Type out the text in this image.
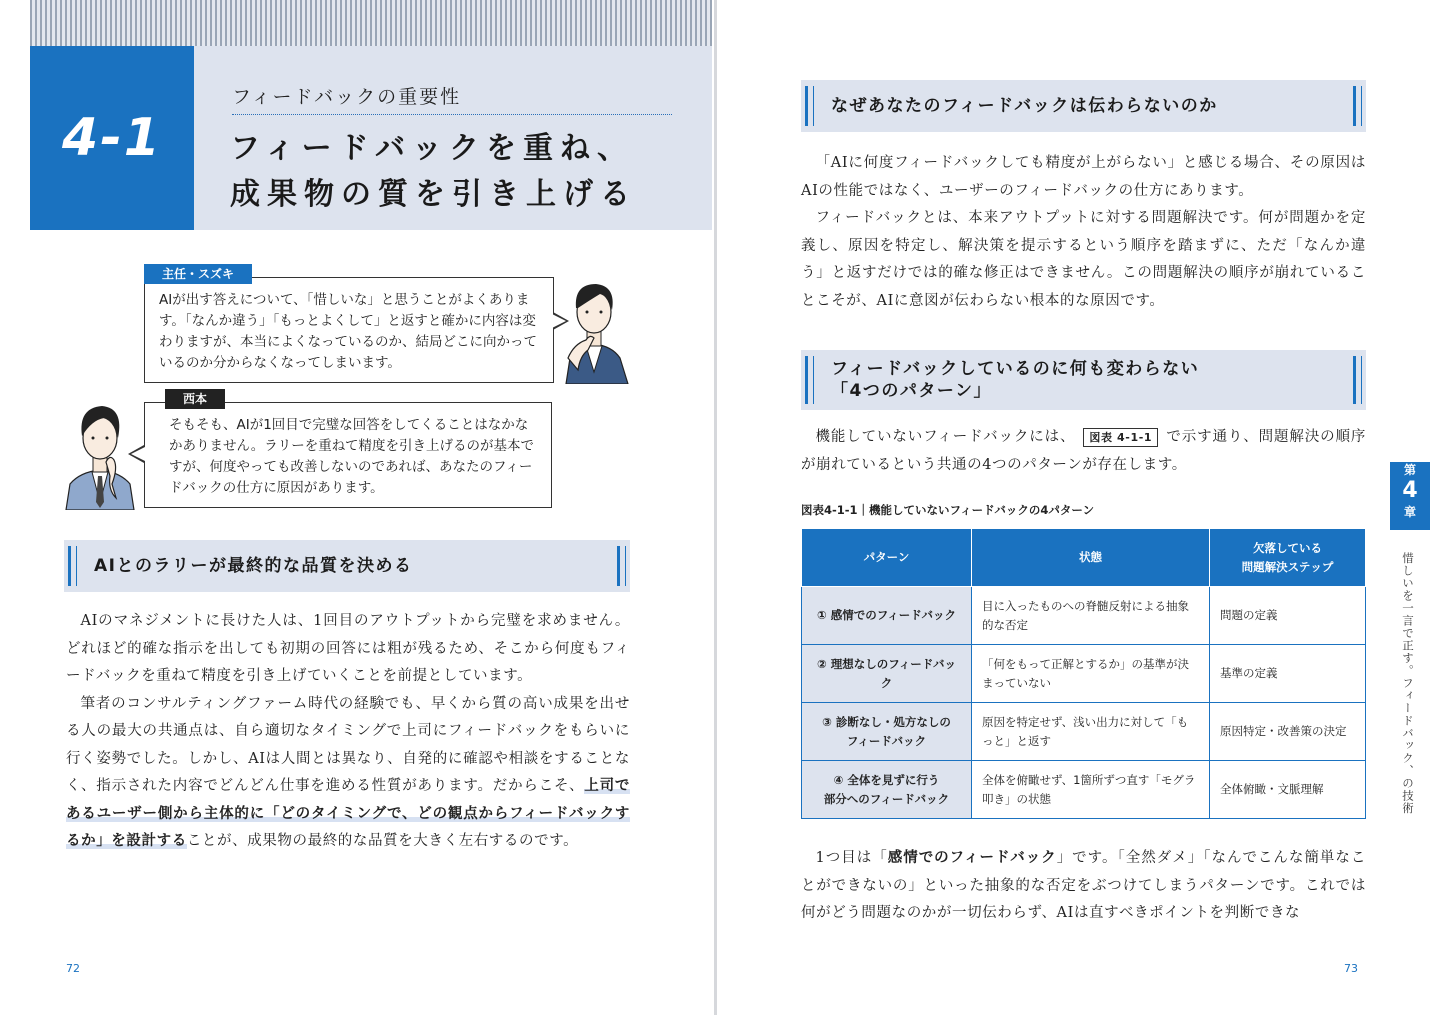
4-1
フィードバックの重要性
フィードバックを重ね、
成果物の質を引き上げる
主任・スズキ
AIが出す答えについて、「惜しいな」と思うことがよくあります。「なんか違う」「もっとよくして」と返すと確かに内容は変わりますが、本当によくなっているのか、結局どこに向かっているのか分からなくなってしまいます。
西本
そもそも、AIが1回目で完璧な回答をしてくることはなかなかありません。ラリーを重ねて精度を引き上げるのが基本ですが、何度やっても改善しないのであれば、あなたのフィードバックの仕方に原因があります。
AIとのラリーが最終的な品質を決める

AIのマネジメントに長けた人は、1回目のアウトプットから完璧を求めません。どれほど的確な指示を出しても初期の回答には粗が残るため、そこから何度もフィードバックを重ねて精度を引き上げていくことを前提としています。

筆者のコンサルティングファーム時代の経験でも、早くから質の高い成果を出せる人の最大の共通点は、自ら適切なタイミングで上司にフィードバックをもらいに行く姿勢でした。しかし、AIは人間とは異なり、自発的に確認や相談をすることなく、指示された内容でどんどん仕事を進める性質があります。だからこそ、上司であるユーザー側から主体的に「どのタイミングで、どの観点からフィードバックするか」を設計することが、成果物の最終的な品質を大きく左右するのです。

72
なぜあなたのフィードバックは伝わらないのか

「AIに何度フィードバックしても精度が上がらない」と感じる場合、その原因はAIの性能ではなく、ユーザーのフィードバックの仕方にあります。

フィードバックとは、本来アウトプットに対する問題解決です。何が問題かを定義し、原因を特定し、解決策を提示するという順序を踏まずに、ただ「なんか違う」と返すだけでは的確な修正はできません。この問題解決の順序が崩れていることこそが、AIに意図が伝わらない根本的な原因です。

フィードバックしているのに何も変わらない
「4つのパターン」

機能していないフィードバックには、 図表 4-1-1 で示す通り、問題解決の順序が崩れているという共通の4つのパターンが存在します。

図表4-1-1｜機能していないフィードバックの4パターン
パターン	状態	欠落している
問題解決ステップ
① 感情でのフィードバック	目に入ったものへの脊髄反射による抽象的な否定	問題の定義
② 理想なしのフィードバック	「何をもって正解とするか」の基準が決まっていない	基準の定義
③ 診断なし・処方なしの
フィードバック	原因を特定せず、浅い出力に対して「もっと」と返す	原因特定・改善策の決定
④ 全体を見ずに行う
部分へのフィードバック	全体を俯瞰せず、1箇所ずつ直す「モグラ叩き」の状態	全体俯瞰・文脈理解

1つ目は「感情でのフィードバック」です。「全然ダメ」「なんでこんな簡単なことができないの」といった抽象的な否定をぶつけてしまうパターンです。これでは何がどう問題なのかが一切伝わらず、AIは直すべきポイントを判断できな

第
4
章
惜しいを一言で正す。フィードバック、の技術
73
